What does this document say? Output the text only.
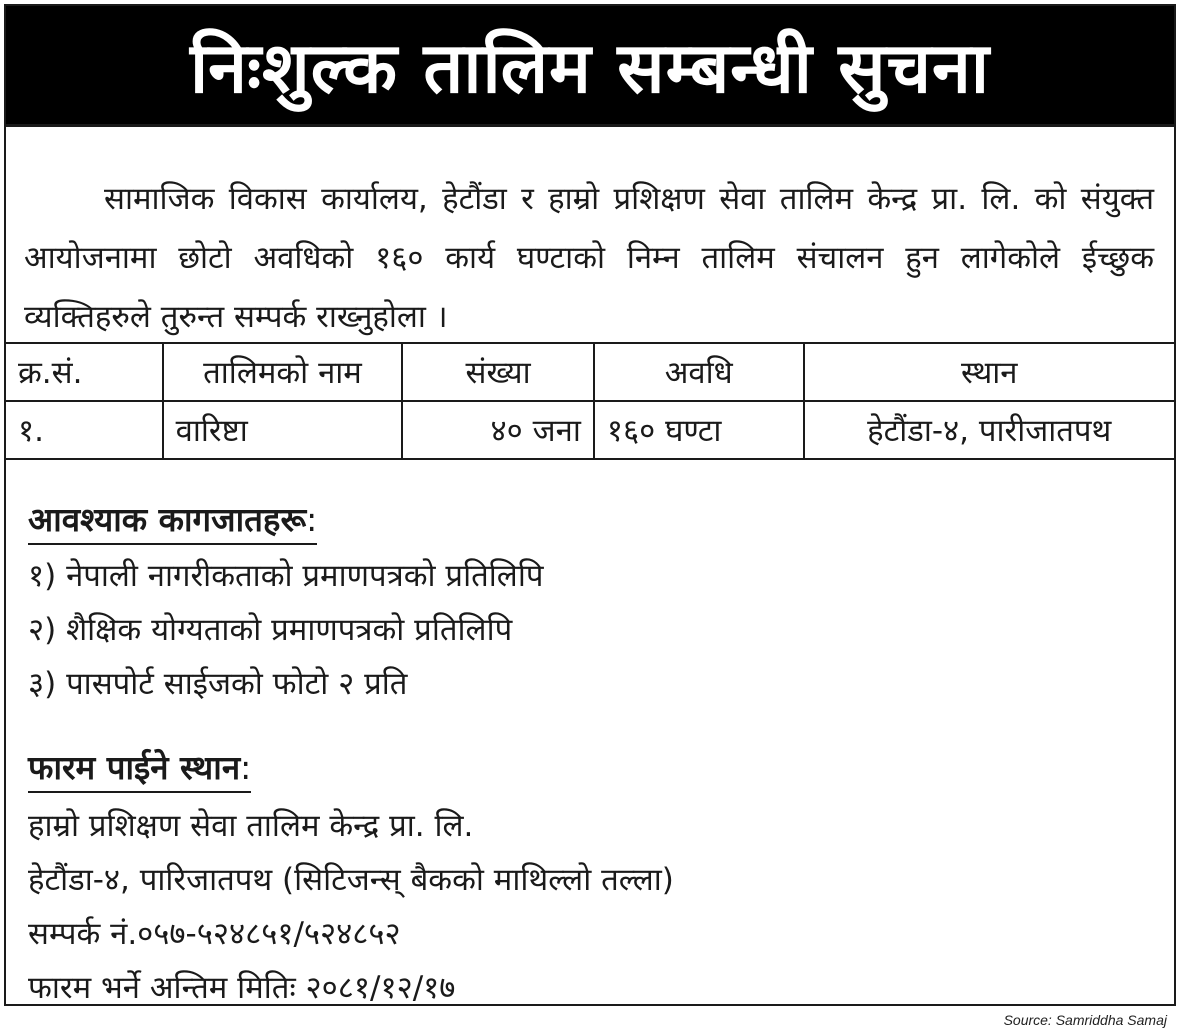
निःशुल्क तालिम सम्बन्धी सुचना
सामाजिक विकास कार्यालय, हेटौंडा र हाम्रो प्रशिक्षण सेवा तालिम केन्द्र प्रा. लि. को संयुक्त आयोजनामा छोटो अवधिको १६० कार्य घण्टाको निम्न तालिम संचालन हुन लागेकोले ईच्छुक व्यक्तिहरुले तुरुन्त सम्पर्क राख्नुहोला ।
क्र.सं.	तालिमको नाम	संख्या	अवधि	स्थान
१.	वारिष्टा	४० जना	१६० घण्टा	हेटौंडा-४, पारीजातपथ
आवश्याक कागजातहरू:
१) नेपाली नागरीकताको प्रमाणपत्रको प्रतिलिपि
२) शैक्षिक योग्यताको प्रमाणपत्रको प्रतिलिपि
३) पासपोर्ट साईजको फोटो २ प्रति
फारम पाईने स्थान:
हाम्रो प्रशिक्षण सेवा तालिम केन्द्र प्रा. लि.
हेटौंडा-४, पारिजातपथ (सिटिजन्स् बैकको माथिल्लो तल्ला)
सम्पर्क नं.०५७-५२४८५१/५२४८५२
फारम भर्ने अन्तिम मितिः २०८१/१२/१७
Source: Samriddha Samaj
